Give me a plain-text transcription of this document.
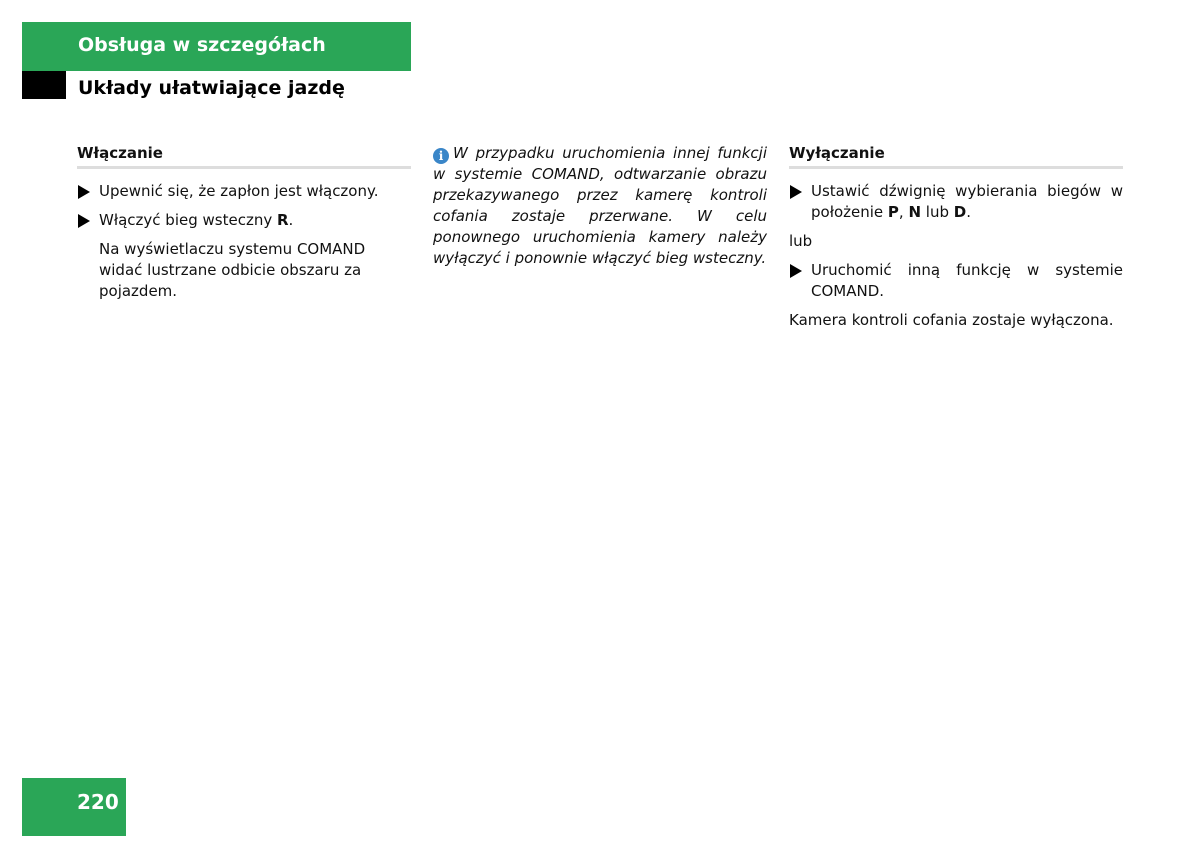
Obsługa w szczegółach
Układy ułatwiające jazdę
Włączanie
Upewnić się, że zapłon jest włączony.
Włączyć bieg wsteczny R.
Na wyświetlaczu systemu COMAND widać lustrzane odbicie obszaru za pojazdem.
i W przypadku uruchomienia innej funkcji w systemie COMAND, odtwarzanie obrazu przekazywanego przez kamerę kontroli cofania zostaje przerwane. W celu ponownego uruchomienia kamery należy wyłączyć i ponownie włączyć bieg wsteczny.
Wyłączanie
Ustawić dźwignię wybierania biegów w położenie P, N lub D.
lub
Uruchomić inną funkcję w systemie COMAND.
Kamera kontroli cofania zostaje wyłączona.
220
